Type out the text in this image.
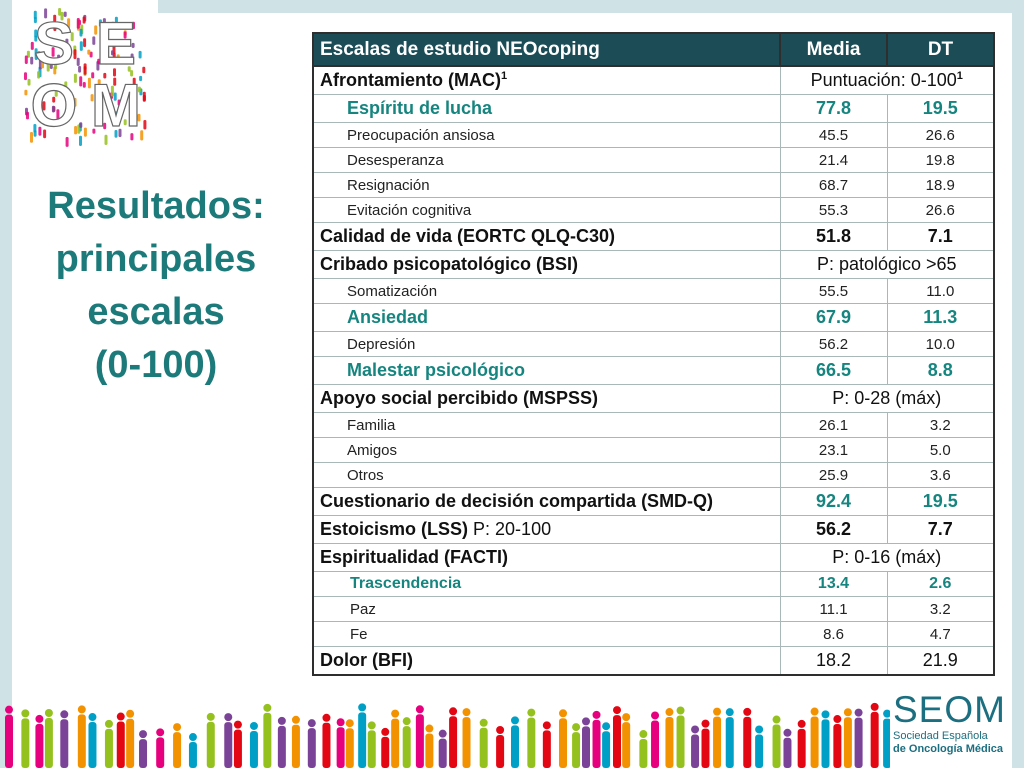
S E
O M
Resultados:
principales
escalas
(0-100)
Escalas de estudio NEOcoping	Media	DT
Afrontamiento (MAC)$^1$	Puntuación: $0-100^1$
Espíritu de lucha	77.8	19.5
Preocupación ansiosa	45.5	26.6
Desesperanza	21.4	19.8
Resignación	68.7	18.9
Evitación cognitiva	55.3	26.6
Calidad de vida (EORTC QLQ-C30)	51.8	7.1
Cribado psicopatológico (BSI)	P: patológico >65	
Somatización	55.5	11.0
Ansiedad	67.9	11.3
Depresión	56.2	10.0
Malestar psicológico	66.5	8.8
Apoyo social percibido (MSPSS)	P: 0-28 (máx)	
Familia	26.1	3.2
Amigos	23.1	5.0
Otros	25.9	3.6
Cuestionario de decisión compartida (SMD-Q)	92.4	19.5
Estoicismo (LSS) P: 20-100	56.2	7.7
Espiritualidad (FACTI)	P: 0-16 (máx)	
Trascendencia	13.4	2.6
Paz	11.1	3.2
Fe	8.6	4.7
Dolor (BFI)	18.2	21.9
SEOM
Sociedad Española
de Oncología Médica
